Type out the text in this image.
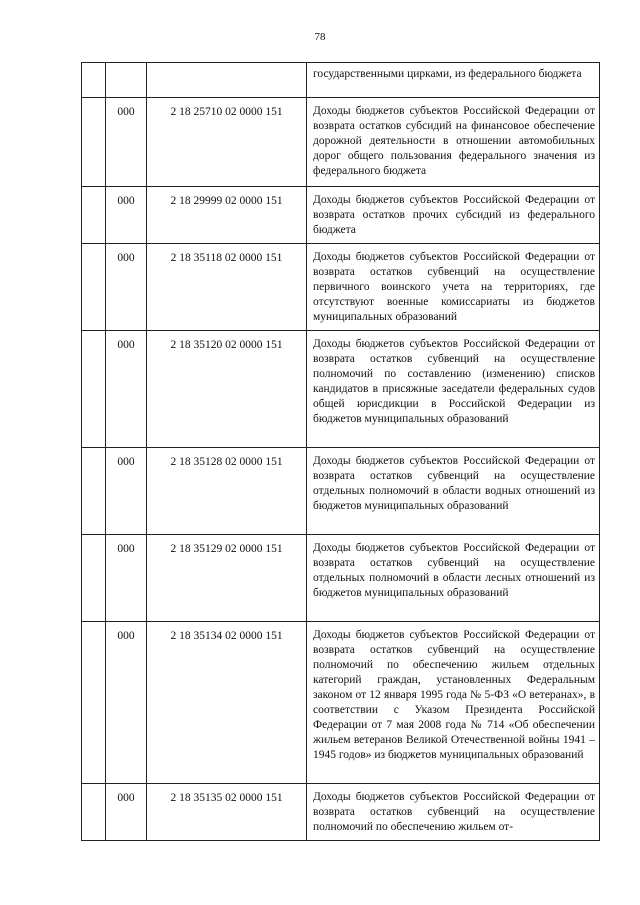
78
			государственными цирками, из федерального бюджета
	000	2 18 25710 02 0000 151	Доходы бюджетов субъектов Российской Федерации от возврата остатков субсидий на финансовое обеспечение дорожной деятельности в отношении автомобильных дорог общего пользования федерального значения из федерального бюджета
	000	2 18 29999 02 0000 151	Доходы бюджетов субъектов Российской Федерации от возврата остатков прочих субсидий из федерального бюджета
	000	2 18 35118 02 0000 151	Доходы бюджетов субъектов Российской Федерации от возврата остатков субвенций на осуществление первичного воинского учета на территориях, где отсутствуют военные комиссариаты из бюджетов муниципальных образований
	000	2 18 35120 02 0000 151	Доходы бюджетов субъектов Российской Федерации от возврата остатков субвенций на осуществление полномочий по составлению (изменению) списков кандидатов в присяжные заседатели федеральных судов общей юрисдикции в Российской Федерации из бюджетов муниципальных образований
	000	2 18 35128 02 0000 151	Доходы бюджетов субъектов Российской Федерации от возврата остатков субвенций на осуществление отдельных полномочий в области водных отношений из бюджетов муниципальных образований
	000	2 18 35129 02 0000 151	Доходы бюджетов субъектов Российской Федерации от возврата остатков субвенций на осуществление отдельных полномочий в области лесных отношений из бюджетов муниципальных образований
	000	2 18 35134 02 0000 151	Доходы бюджетов субъектов Российской Федерации от возврата остатков субвенций на осуществление полномочий по обеспечению жильем отдельных категорий граждан, установленных Федеральным законом от 12 января 1995 года № 5-ФЗ «О ветеранах», в соответствии с Указом Президента Российской Федерации от 7 мая 2008 года № 714 «Об обеспечении жильем ветеранов Великой Отечественной войны 1941 – 1945 годов» из бюджетов муниципальных образований
	000	2 18 35135 02 0000 151	Доходы бюджетов субъектов Российской Федерации от возврата остатков субвенций на осуществление полномочий по обеспечению жильем от-
